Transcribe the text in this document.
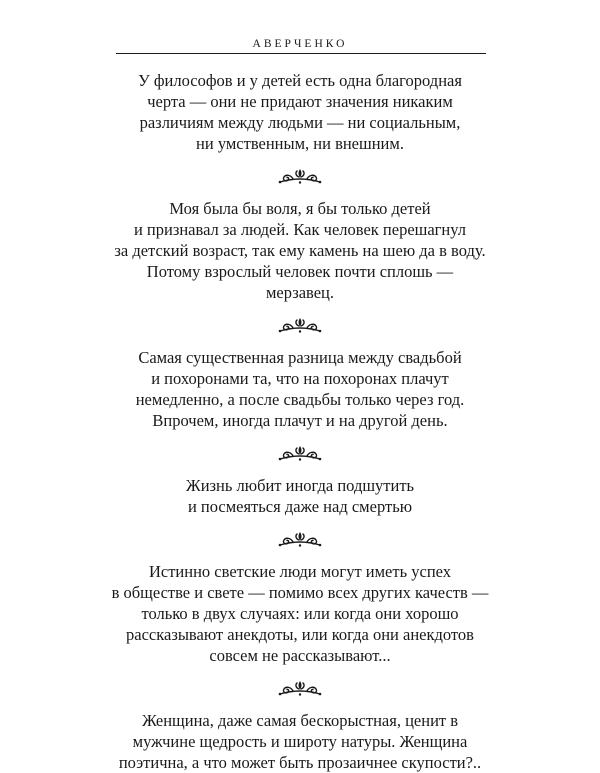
АВЕРЧЕНКО

У философов и у детей есть одна благородная
черта — они не придают значения никаким
различиям между людьми — ни социальным,
ни умственным, ни внешним.

Моя была бы воля, я бы только детей
и признавал за людей. Как человек перешагнул
за детский возраст, так ему камень на шею да в воду.
Потому взрослый человек почти сплошь —
мерзавец.

Самая существенная разница между свадьбой
и похоронами та, что на похоронах плачут
немедленно, а после свадьбы только через год.
Впрочем, иногда плачут и на другой день.

Жизнь любит иногда подшутить
и посмеяться даже над смертью

Истинно светские люди могут иметь успех
в обществе и свете — помимо всех других качеств —
только в двух случаях: или когда они хорошо
рассказывают анекдоты, или когда они анекдотов
совсем не рассказывают...

Женщина, даже самая бескорыстная, ценит в
мужчине щедрость и широту натуры. Женщина
поэтична, а что может быть прозаичнее скупости?..
